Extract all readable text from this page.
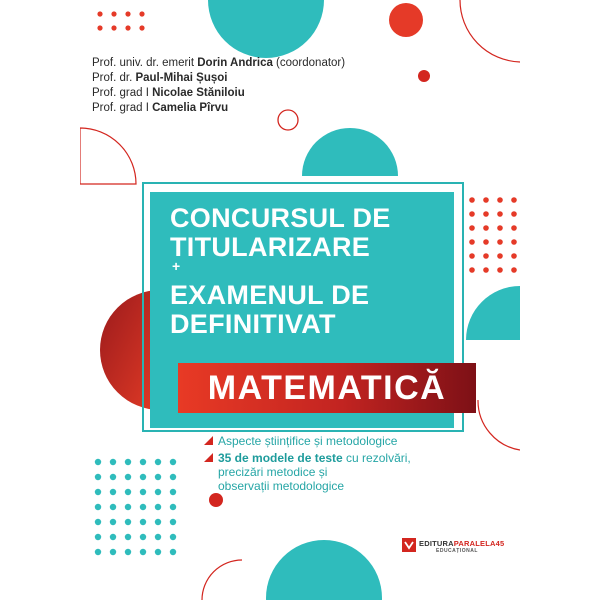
Prof. univ. dr. emerit Dorin Andrica (coordonator)
Prof. dr. Paul-Mihai Șușoi
Prof. grad I Nicolae Stăniloiu
Prof. grad I Camelia Pîrvu
CONCURSUL DE
TITULARIZARE
+
EXAMENUL DE
DEFINITIVAT
MATEMATICĂ
Aspecte științifice și metodologice
35 de modele de teste cu rezolvări,
precizări metodice și
observații metodologice
EDITURAPARALELA45
EDUCAȚIONAL
